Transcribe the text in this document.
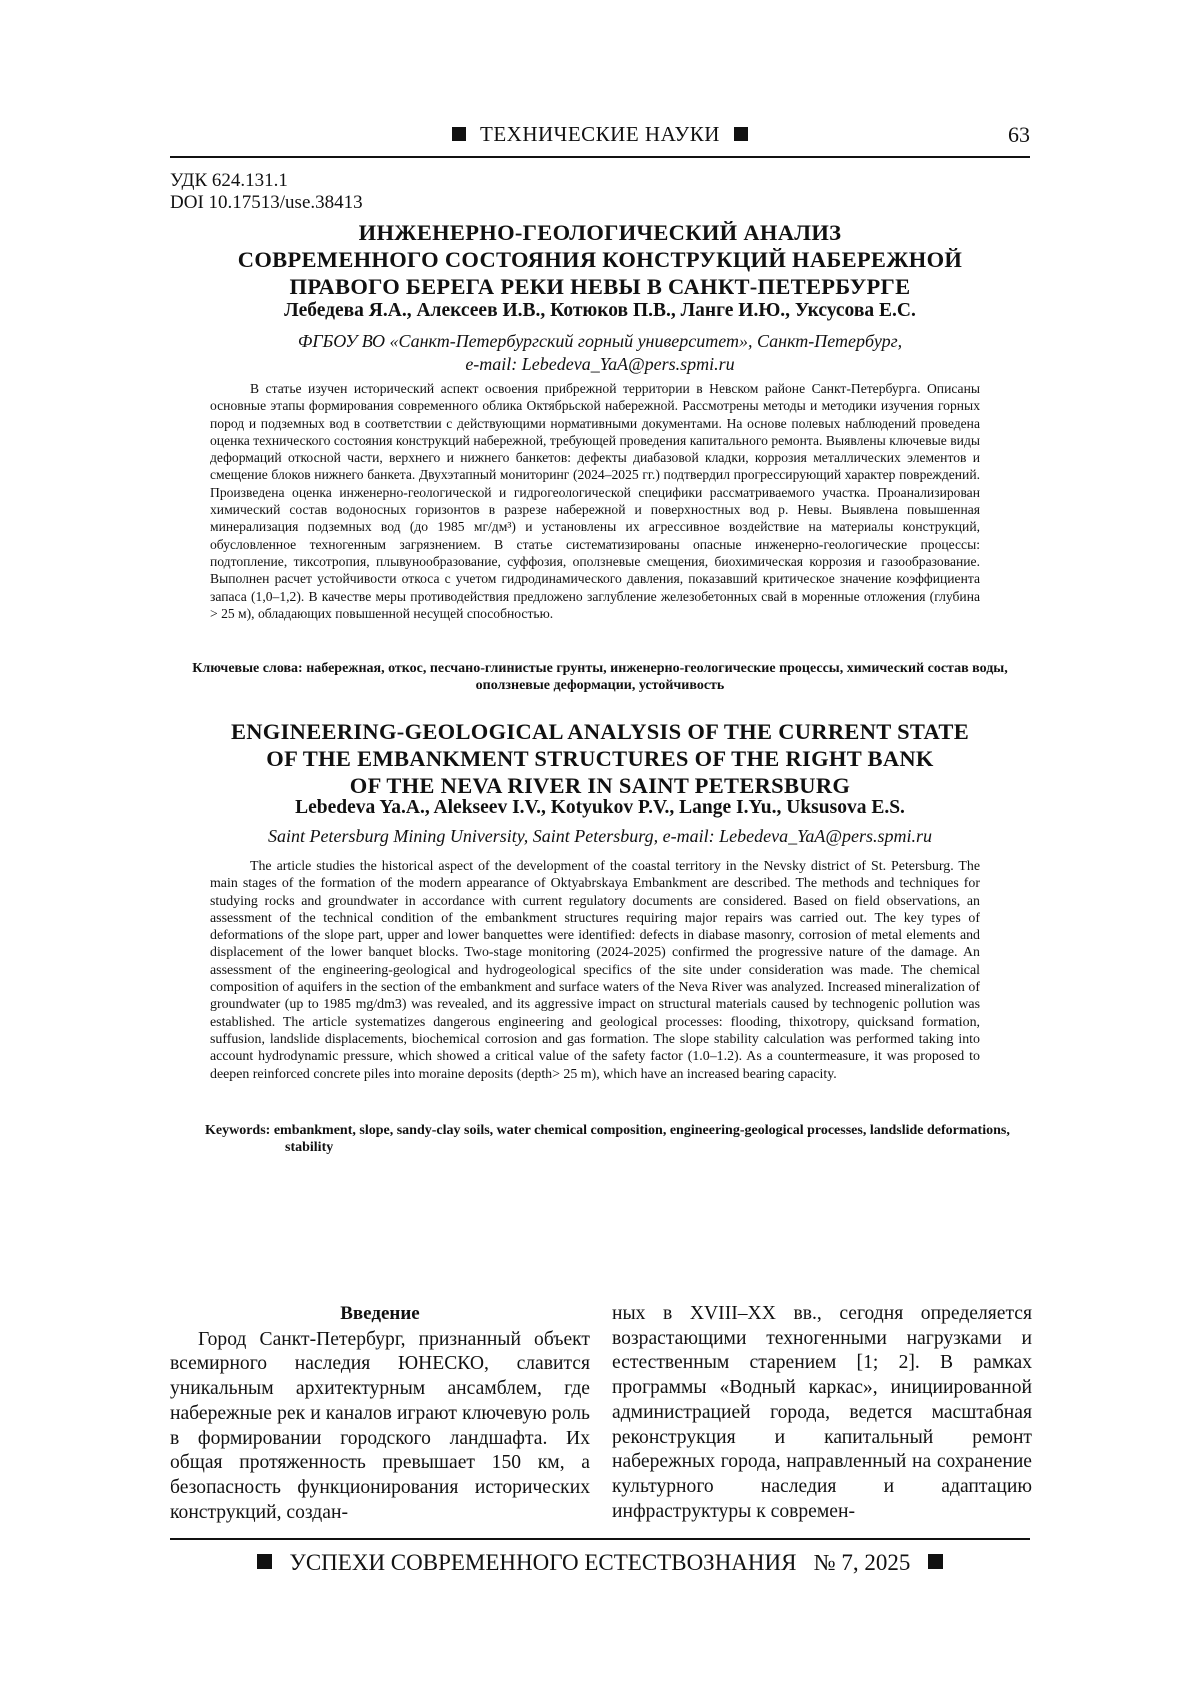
ТЕХНИЧЕСКИЕ НАУКИ	63
УДК 624.131.1
DOI 10.17513/use.38413
ИНЖЕНЕРНО-ГЕОЛОГИЧЕСКИЙ АНАЛИЗ
СОВРЕМЕННОГО СОСТОЯНИЯ КОНСТРУКЦИЙ НАБЕРЕЖНОЙ
ПРАВОГО БЕРЕГА РЕКИ НЕВЫ В САНКТ-ПЕТЕРБУРГЕ
Лебедева Я.А., Алексеев И.В., Котюков П.В., Ланге И.Ю., Уксусова Е.С.
ФГБОУ ВО «Санкт-Петербургский горный университет», Санкт-Петербург,
e-mail: Lebedeva_YaA@pers.spmi.ru

В статье изучен исторический аспект освоения прибрежной территории в Невском районе Санкт-Петербурга. Описаны основные этапы формирования современного облика Октябрьской набережной. Рассмотрены методы и методики изучения горных пород и подземных вод в соответствии с действующими нормативными документами. На основе полевых наблюдений проведена оценка технического состояния конструкций набережной, требующей проведения капитального ремонта. Выявлены ключевые виды деформаций откосной части, верхнего и нижнего банкетов: дефекты диабазовой кладки, коррозия металлических элементов и смещение блоков нижнего банкета. Двухэтапный мониторинг (2024–2025 гг.) подтвердил прогрессирующий характер повреждений. Произведена оценка инженерно-геологической и гидрогеологической специфики рассматриваемого участка. Проанализирован химический состав водоносных горизонтов в разрезе набережной и поверхностных вод р. Невы. Выявлена повышенная минерализация подземных вод (до 1985 мг/дм³) и установлены их агрессивное воздействие на материалы конструкций, обусловленное техногенным загрязнением. В статье систематизированы опасные инженерно-геологические процессы: подтопление, тиксотропия, плывунообразование, суффозия, оползневые смещения, биохимическая коррозия и газообразование. Выполнен расчет устойчивости откоса с учетом гидродинамического давления, показавший критическое значение коэффициента запаса (1,0–1,2). В качестве меры противодействия предложено заглубление железобетонных свай в моренные отложения (глубина > 25 м), обладающих повышенной несущей способностью.

Ключевые слова: набережная, откос, песчано-глинистые грунты, инженерно-геологические процессы, химический состав воды, оползневые деформации, устойчивость
ENGINEERING-GEOLOGICAL ANALYSIS OF THE CURRENT STATE
OF THE EMBANKMENT STRUCTURES OF THE RIGHT BANK
OF THE NEVA RIVER IN SAINT PETERSBURG
Lebedeva Ya.A., Alekseev I.V., Kotyukov P.V., Lange I.Yu., Uksusova E.S.
Saint Petersburg Mining University, Saint Petersburg, e-mail: Lebedeva_YaA@pers.spmi.ru

The article studies the historical aspect of the development of the coastal territory in the Nevsky district of St. Petersburg. The main stages of the formation of the modern appearance of Oktyabrskaya Embankment are described. The methods and techniques for studying rocks and groundwater in accordance with current regulatory documents are considered. Based on field observations, an assessment of the technical condition of the embankment structures requiring major repairs was carried out. The key types of deformations of the slope part, upper and lower banquettes were identified: defects in diabase masonry, corrosion of metal elements and displacement of the lower banquet blocks. Two-stage monitoring (2024-2025) confirmed the progressive nature of the damage. An assessment of the engineering-geological and hydrogeological specifics of the site under consideration was made. The chemical composition of aquifers in the section of the embankment and surface waters of the Neva River was analyzed. Increased mineralization of groundwater (up to 1985 mg/dm3) was revealed, and its aggressive impact on structural materials caused by technogenic pollution was established. The article systematizes dangerous engineering and geological processes: flooding, thixotropy, quicksand formation, suffusion, landslide displacements, biochemical corrosion and gas formation. The slope stability calculation was performed taking into account hydrodynamic pressure, which showed a critical value of the safety factor (1.0–1.2). As a countermeasure, it was proposed to deepen reinforced concrete piles into moraine deposits (depth> 25 m), which have an increased bearing capacity.

Keywords: embankment, slope, sandy-clay soils, water chemical composition, engineering-geological processes, landslide deformations, stability

Введение

Город Санкт-Петербург, признанный объект всемирного наследия ЮНЕСКО, славится уникальным архитектурным ансамблем, где набережные рек и каналов играют ключевую роль в формировании городского ландшафта. Их общая протяженность превышает 150 км, а безопасность функционирования исторических конструкций, создан-

ных в XVIII–XX вв., сегодня определяется возрастающими техногенными нагрузками и естественным старением [1; 2]. В рамках программы «Водный каркас», инициированной администрацией города, ведется масштабная реконструкция и капитальный ремонт набережных города, направленный на сохранение культурного наследия и адаптацию инфраструктуры к современ-

УСПЕХИ СОВРЕМЕННОГО ЕСТЕСТВОЗНАНИЯ № 7, 2025
